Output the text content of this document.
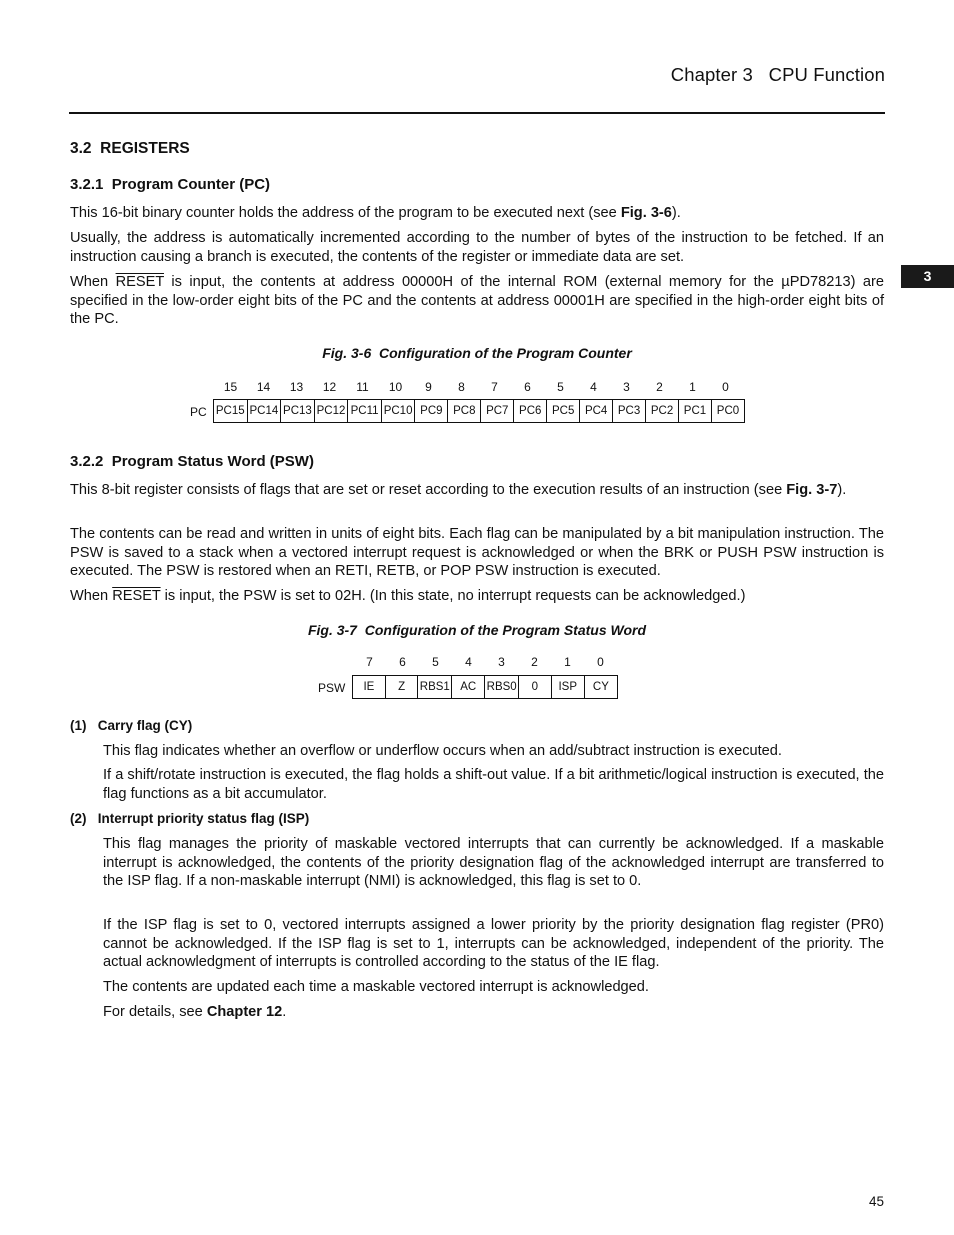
Chapter 3   CPU Function
3
3.2  REGISTERS
3.2.1  Program Counter (PC)
This 16-bit binary counter holds the address of the program to be executed next (see Fig. 3-6).
Usually, the address is automatically incremented according to the number of bytes of the instruction to be fetched. If an instruction causing a branch is executed, the contents of the register or immediate data are set.
When RESET is input, the contents at address 00000H of the internal ROM (external memory for the µPD78213) are specified in the low-order eight bits of the PC and the contents at address 00001H are specified in the high-order eight bits of the PC.
Fig. 3-6  Configuration of the Program Counter
15	14	13	12	11	10	9	8	7	6	5	4	3	2	1	0
PC PC15	PC14	PC13	PC12	PC11	PC10	PC9	PC8	PC7	PC6	PC5	PC4	PC3	PC2	PC1	PC0
3.2.2  Program Status Word (PSW)
This 8-bit register consists of flags that are set or reset according to the execution results of an instruction (see Fig. 3-7).
The contents can be read and written in units of eight bits. Each flag can be manipulated by a bit manipulation instruction. The PSW is saved to a stack when a vectored interrupt request is acknowledged or when the BRK or PUSH PSW instruction is executed. The PSW is restored when an RETI, RETB, or POP PSW instruction is executed.
When RESET is input, the PSW is set to 02H. (In this state, no interrupt requests can be acknowledged.)
Fig. 3-7  Configuration of the Program Status Word
7	6	5	4	3	2	1	0
PSW IE	Z	RBS1	AC	RBS0	0	ISP	CY
(1)   Carry flag (CY)
This flag indicates whether an overflow or underflow occurs when an add/subtract instruction is executed.
If a shift/rotate instruction is executed, the flag holds a shift-out value. If a bit arithmetic/logical instruction is executed, the flag functions as a bit accumulator.
(2)   Interrupt priority status flag (ISP)
This flag manages the priority of maskable vectored interrupts that can currently be acknowledged. If a maskable interrupt is acknowledged, the contents of the priority designation flag of the acknowledged interrupt are transferred to the ISP flag. If a non-maskable interrupt (NMI) is acknowledged, this flag is set to 0.
If the ISP flag is set to 0, vectored interrupts assigned a lower priority by the priority designation flag register (PR0) cannot be acknowledged. If the ISP flag is set to 1, interrupts can be acknowledged, independent of the priority. The actual acknowledgment of interrupts is controlled according to the status of the IE flag.
The contents are updated each time a maskable vectored interrupt is acknowledged.
For details, see Chapter 12.
45
